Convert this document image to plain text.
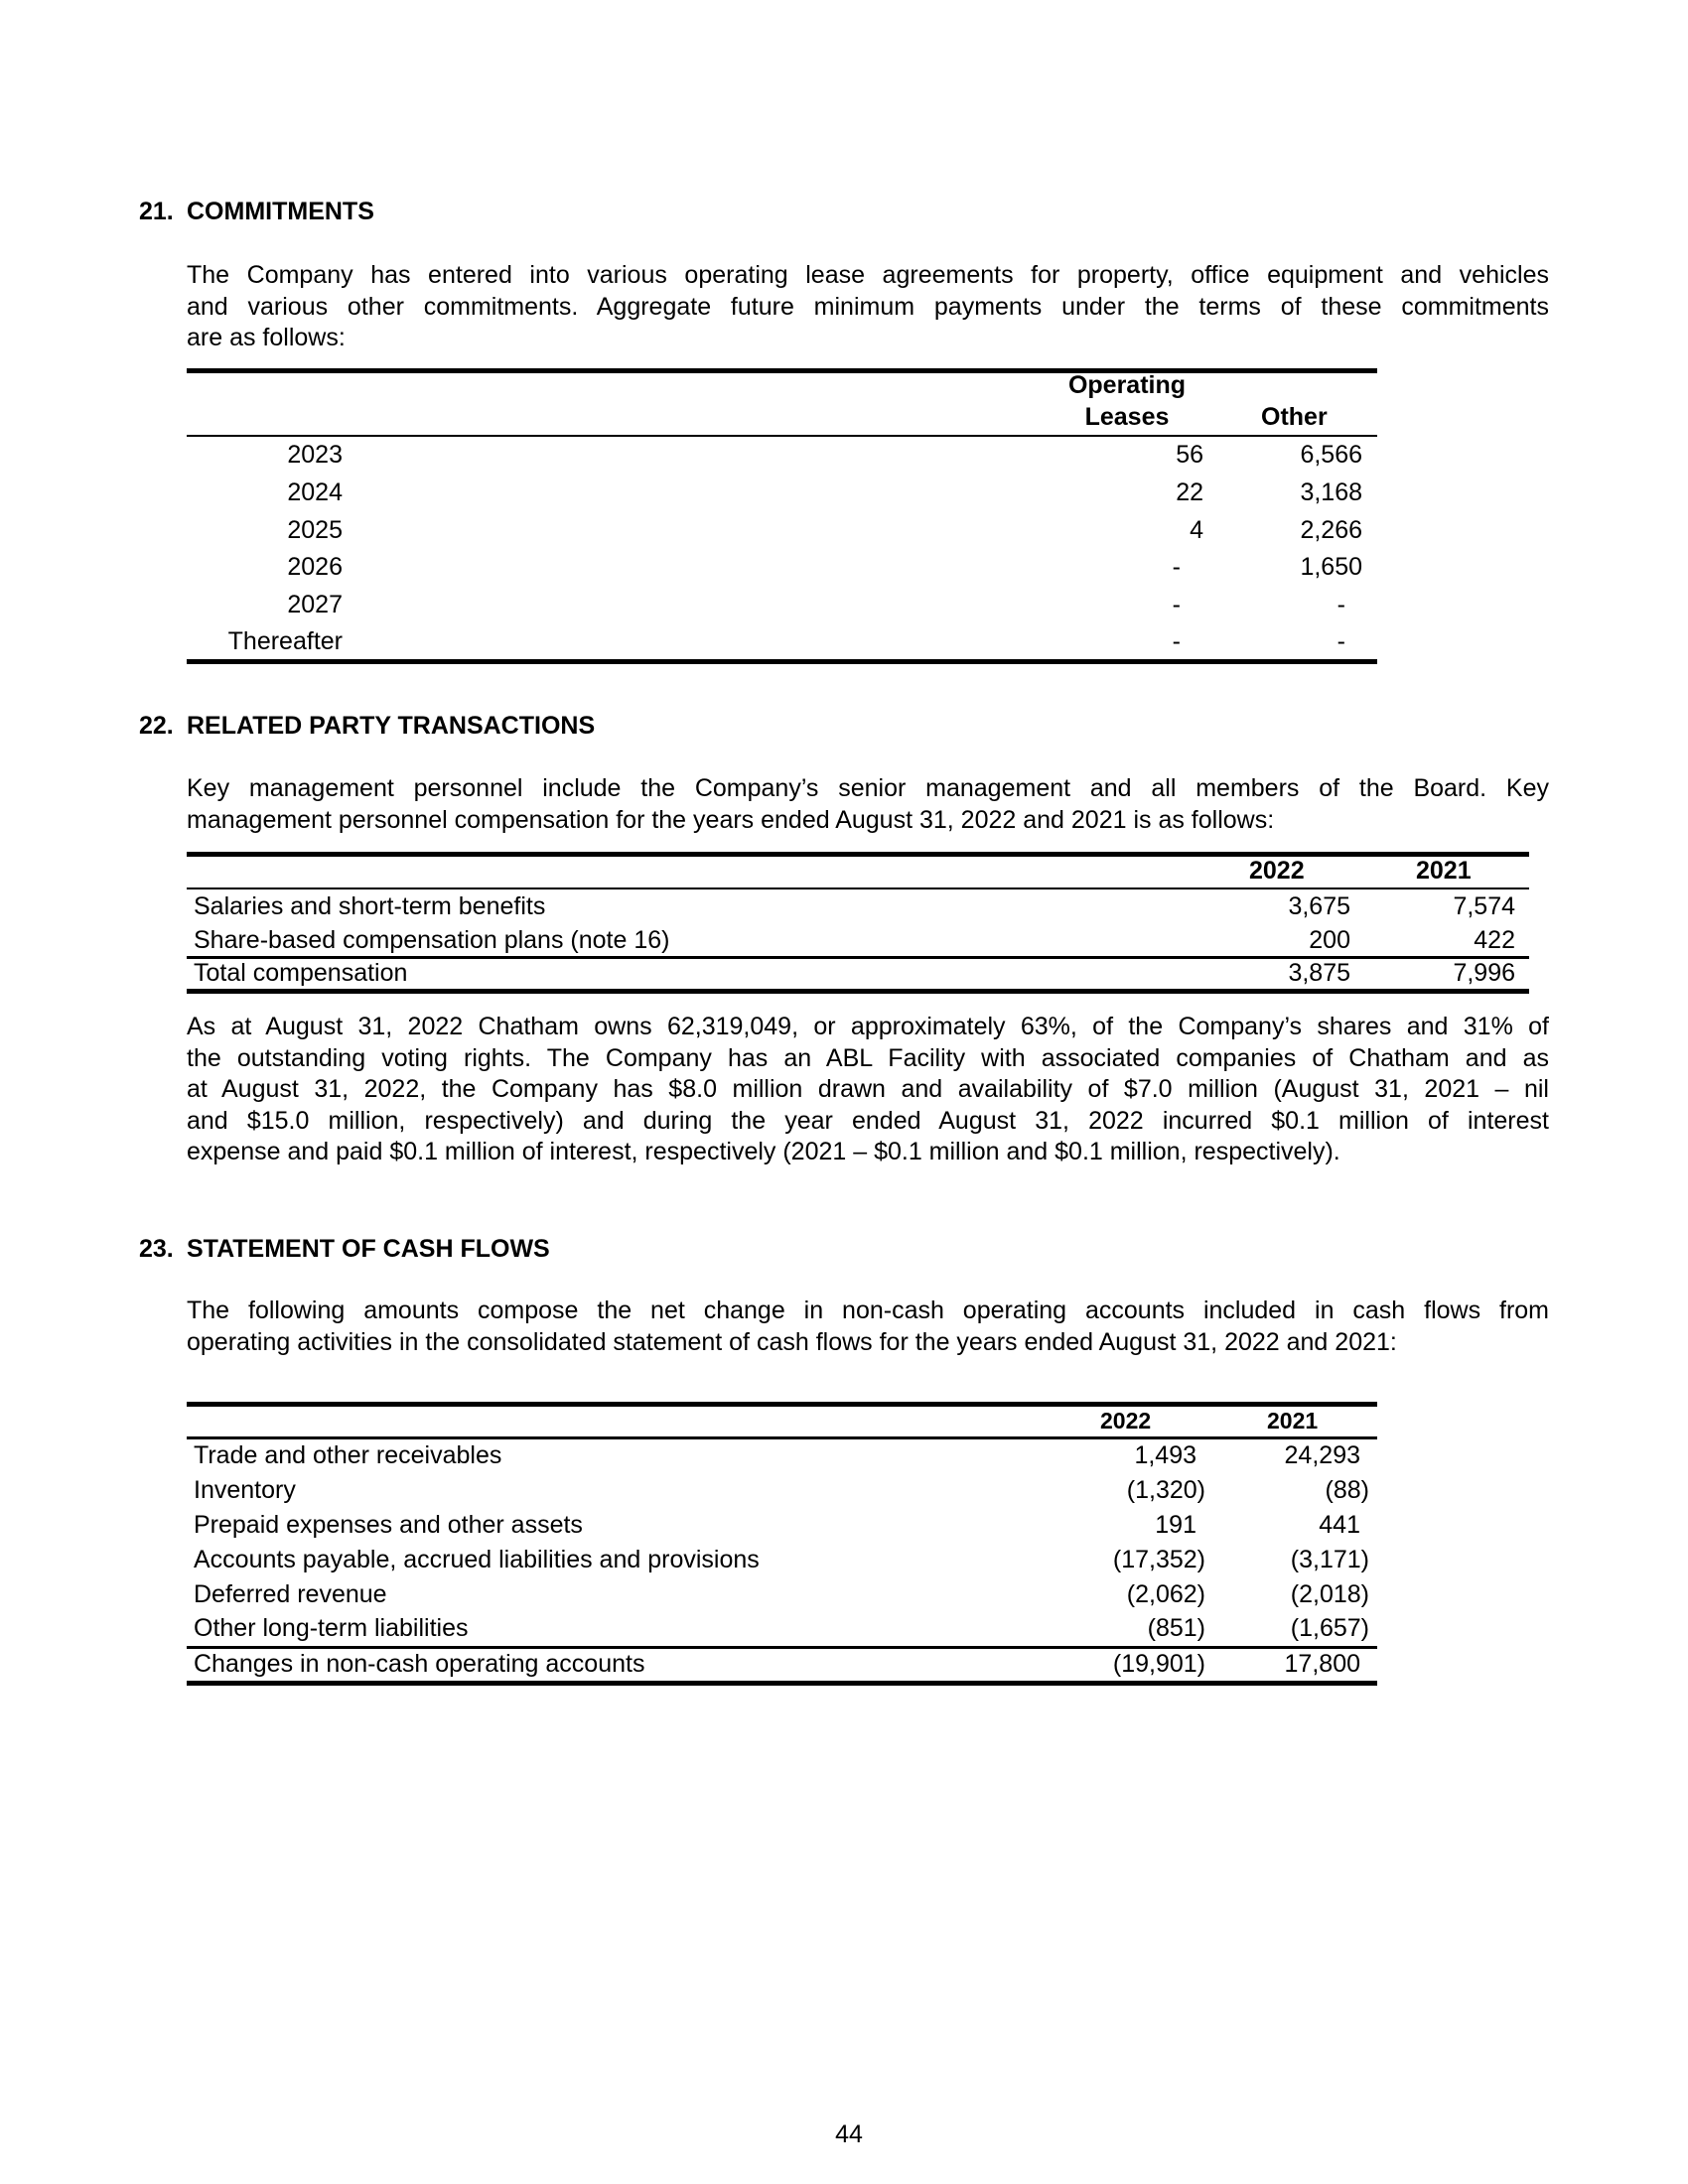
21. COMMITMENTS
The Company has entered into various operating lease agreements for property, office equipment and vehicles
and various other commitments. Aggregate future minimum payments under the terms of these commitments
are as follows:
Operating
Leases	Other
2023	56	6,566
2024	22	3,168
2025	4	2,266
2026	-	1,650
2027	-	-
Thereafter	-	-
22. RELATED PARTY TRANSACTIONS
Key management personnel include the Company’s senior management and all members of the Board. Key
management personnel compensation for the years ended August 31, 2022 and 2021 is as follows:
2022	2021
Salaries and short-term benefits	3,675	7,574
Share-based compensation plans (note 16)	200	422
Total compensation	3,875	7,996
As at August 31, 2022 Chatham owns 62,319,049, or approximately 63%, of the Company’s shares and 31% of
the outstanding voting rights. The Company has an ABL Facility with associated companies of Chatham and as
at August 31, 2022, the Company has $8.0 million drawn and availability of $7.0 million (August 31, 2021 – nil
and $15.0 million, respectively) and during the year ended August 31, 2022 incurred $0.1 million of interest
expense and paid $0.1 million of interest, respectively (2021 – $0.1 million and $0.1 million, respectively).
23. STATEMENT OF CASH FLOWS
The following amounts compose the net change in non-cash operating accounts included in cash flows from
operating activities in the consolidated statement of cash flows for the years ended August 31, 2022 and 2021:
2022	2021
Trade and other receivables	1,493	24,293
Inventory	(1,320)	(88)
Prepaid expenses and other assets	191	441
Accounts payable, accrued liabilities and provisions	(17,352)	(3,171)
Deferred revenue	(2,062)	(2,018)
Other long-term liabilities	(851)	(1,657)
Changes in non-cash operating accounts	(19,901)	17,800
44
